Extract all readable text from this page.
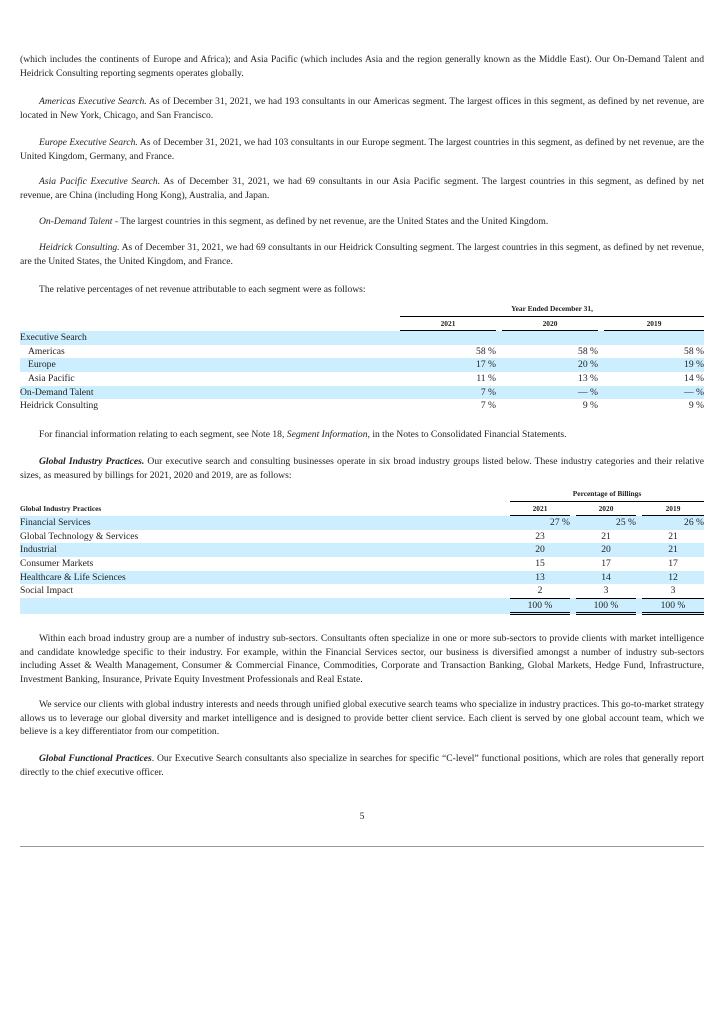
(which includes the continents of Europe and Africa); and Asia Pacific (which includes Asia and the region generally known as the Middle East). Our On-Demand Talent and Heidrick Consulting reporting segments operates globally.

Americas Executive Search. As of December 31, 2021, we had 193 consultants in our Americas segment. The largest offices in this segment, as defined by net revenue, are located in New York, Chicago, and San Francisco.

Europe Executive Search. As of December 31, 2021, we had 103 consultants in our Europe segment. The largest countries in this segment, as defined by net revenue, are the United Kingdom, Germany, and France.

Asia Pacific Executive Search. As of December 31, 2021, we had 69 consultants in our Asia Pacific segment. The largest countries in this segment, as defined by net revenue, are China (including Hong Kong), Australia, and Japan.

On-Demand Talent - The largest countries in this segment, as defined by net revenue, are the United States and the United Kingdom.

Heidrick Consulting. As of December 31, 2021, we had 69 consultants in our Heidrick Consulting segment. The largest countries in this segment, as defined by net revenue, are the United States, the United Kingdom, and France.

The relative percentages of net revenue attributable to each segment were as follows:

	Year Ended December 31,				
	2021		2020		2019
Executive Search					
Americas	58 %		58 %		58 %
Europe	17 %		20 %		19 %
Asia Pacific	11 %		13 %		14 %
On-Demand Talent	7 %		— %		— %
Heidrick Consulting	7 %		9 %		9 %

For financial information relating to each segment, see Note 18, Segment Information, in the Notes to Consolidated Financial Statements.

Global Industry Practices. Our executive search and consulting businesses operate in six broad industry groups listed below. These industry categories and their relative sizes, as measured by billings for 2021, 2020 and 2019, are as follows:

	Percentage of Billings				
Global Industry Practices	2021		2020		2019
Financial Services	27 %		25 %		26 %
Global Technology & Services	23		21		21
Industrial	20		20		21
Consumer Markets	15		17		17
Healthcare & Life Sciences	13		14		12
Social Impact	2		3		3
	100 %		100 %		100 %

Within each broad industry group are a number of industry sub-sectors. Consultants often specialize in one or more sub-sectors to provide clients with market intelligence and candidate knowledge specific to their industry. For example, within the Financial Services sector, our business is diversified amongst a number of industry sub-sectors including Asset & Wealth Management, Consumer & Commercial Finance, Commodities, Corporate and Transaction Banking, Global Markets, Hedge Fund, Infrastructure, Investment Banking, Insurance, Private Equity Investment Professionals and Real Estate.

We service our clients with global industry interests and needs through unified global executive search teams who specialize in industry practices. This go-to-market strategy allows us to leverage our global diversity and market intelligence and is designed to provide better client service. Each client is served by one global account team, which we believe is a key differentiator from our competition.

Global Functional Practices. Our Executive Search consultants also specialize in searches for specific “C-level” functional positions, which are roles that generally report directly to the chief executive officer.

5
